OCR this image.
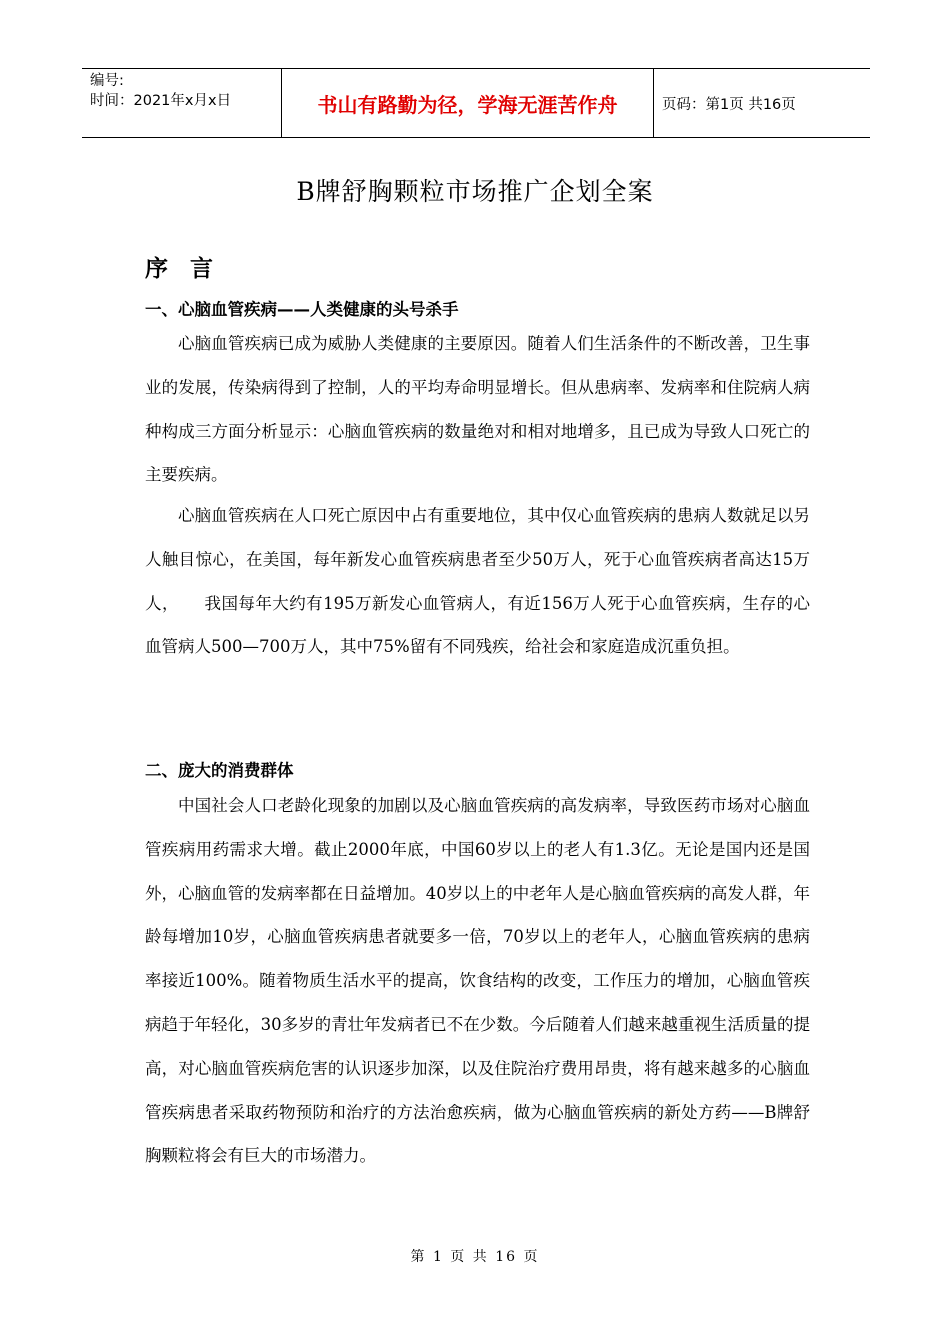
编号:
时间：2021年x月x日	书山有路勤为径，学海无涯苦作舟	页码：第1页 共16页
B牌舒胸颗粒市场推广企划全案
序言
一、心脑血管疾病——人类健康的头号杀手

心脑血管疾病已成为威胁人类健康的主要原因。随着人们生活条件的不断改善，卫生事业的发展，传染病得到了控制，人的平均寿命明显增长。但从患病率、发病率和住院病人病种构成三方面分析显示：心脑血管疾病的数量绝对和相对地增多，且已成为导致人口死亡的主要疾病。

心脑血管疾病在人口死亡原因中占有重要地位，其中仅心血管疾病的患病人数就足以另人触目惊心，在美国，每年新发心血管疾病患者至少50万人，死于心血管疾病者高达15万人，　　我国每年大约有195万新发心血管病人，有近156万人死于心血管疾病，生存的心血管病人500—700万人，其中75%留有不同残疾，给社会和家庭造成沉重负担。

二、庞大的消费群体

中国社会人口老龄化现象的加剧以及心脑血管疾病的高发病率，导致医药市场对心脑血管疾病用药需求大增。截止2000年底，中国60岁以上的老人有1.3亿。无论是国内还是国外，心脑血管的发病率都在日益增加。40岁以上的中老年人是心脑血管疾病的高发人群，年龄每增加10岁，心脑血管疾病患者就要多一倍，70岁以上的老年人，心脑血管疾病的患病率接近100%。随着物质生活水平的提高，饮食结构的改变，工作压力的增加，心脑血管疾病趋于年轻化，30多岁的青壮年发病者已不在少数。今后随着人们越来越重视生活质量的提高，对心脑血管疾病危害的认识逐步加深，以及住院治疗费用昂贵，将有越来越多的心脑血管疾病患者采取药物预防和治疗的方法治愈疾病，做为心脑血管疾病的新处方药——B牌舒胸颗粒将会有巨大的市场潜力。

第 1 页 共 16 页
